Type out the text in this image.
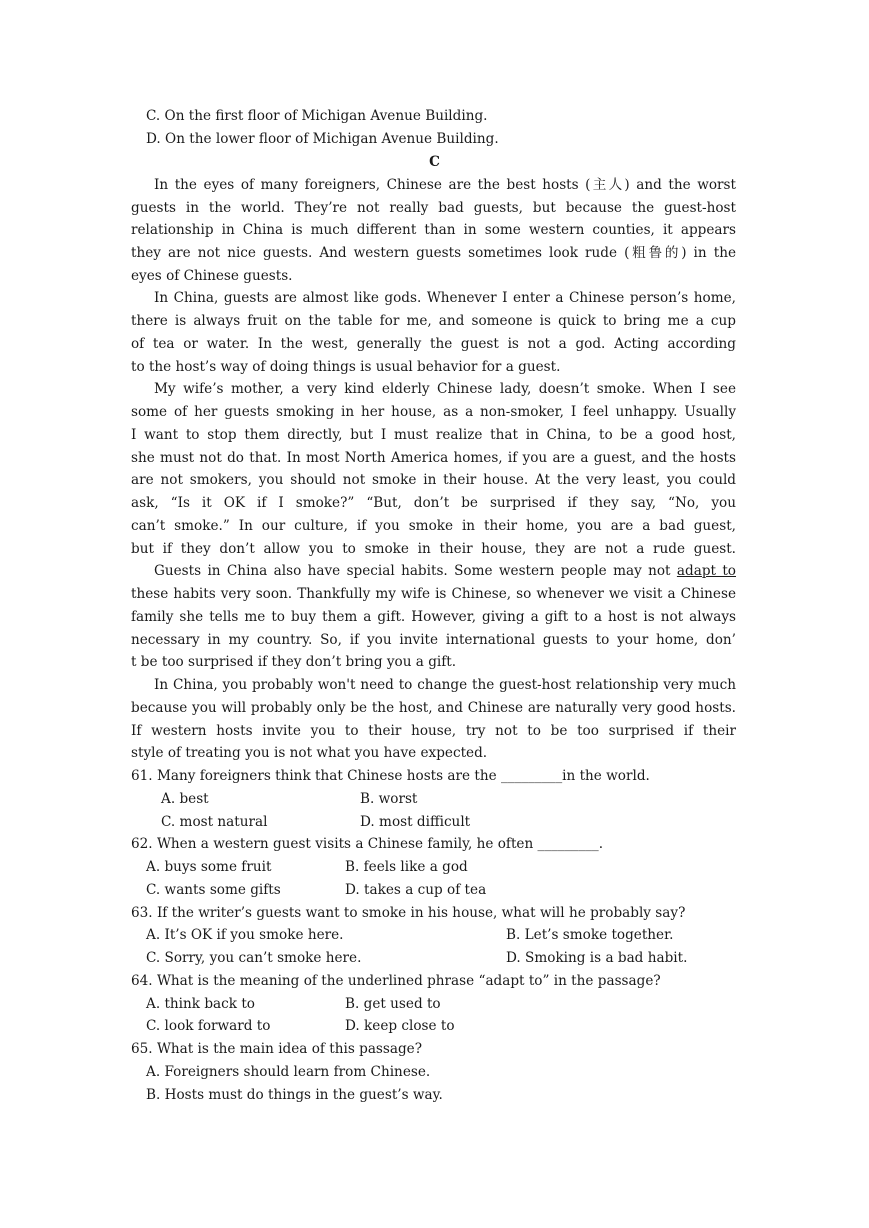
C. On the first floor of Michigan Avenue Building.
D. On the lower floor of Michigan Avenue Building.
C
In the eyes of many foreigners, Chinese are the best hosts (主人) and the worst
guests in the world. They’re not really bad guests, but because the guest-host
relationship in China is much different than in some western counties, it appears
they are not nice guests. And western guests sometimes look rude (粗鲁的) in the
eyes of Chinese guests.
In China, guests are almost like gods. Whenever I enter a Chinese person’s home,
there is always fruit on the table for me, and someone is quick to bring me a cup
of tea or water. In the west, generally the guest is not a god. Acting according
to the host’s way of doing things is usual behavior for a guest.
My wife’s mother, a very kind elderly Chinese lady, doesn’t smoke. When I see
some of her guests smoking in her house, as a non-smoker, I feel unhappy. Usually
I want to stop them directly, but I must realize that in China, to be a good host,
she must not do that. In most North America homes, if you are a guest, and the hosts
are not smokers, you should not smoke in their house. At the very least, you could
ask, “Is it OK if I smoke?” “But, don’t be surprised if they say, “No, you
can’t smoke.” In our culture, if you smoke in their home, you are a bad guest,
but if they don’t allow you to smoke in their house, they are not a rude guest.
Guests in China also have special habits. Some western people may not adapt to
these habits very soon. Thankfully my wife is Chinese, so whenever we visit a Chinese
family she tells me to buy them a gift. However, giving a gift to a host is not always
necessary in my country. So, if you invite international guests to your home, don’
t be too surprised if they don’t bring you a gift.
In China, you probably won't need to change the guest-host relationship very much
because you will probably only be the host, and Chinese are naturally very good hosts.
If western hosts invite you to their house, try not to be too surprised if their
style of treating you is not what you have expected.
61. Many foreigners think that Chinese hosts are the _________in the world.
A. best	B. worst
C. most natural	D. most difficult
62. When a western guest visits a Chinese family, he often _________.
A. buys some fruit	B. feels like a god
C. wants some gifts	D. takes a cup of tea
63. If the writer’s guests want to smoke in his house, what will he probably say?
A. It’s OK if you smoke here.	B. Let’s smoke together.
C. Sorry, you can’t smoke here.	D. Smoking is a bad habit.
64. What is the meaning of the underlined phrase “adapt to” in the passage?
A. think back to	B. get used to
C. look forward to	D. keep close to
65. What is the main idea of this passage?
A. Foreigners should learn from Chinese.
B. Hosts must do things in the guest’s way.
